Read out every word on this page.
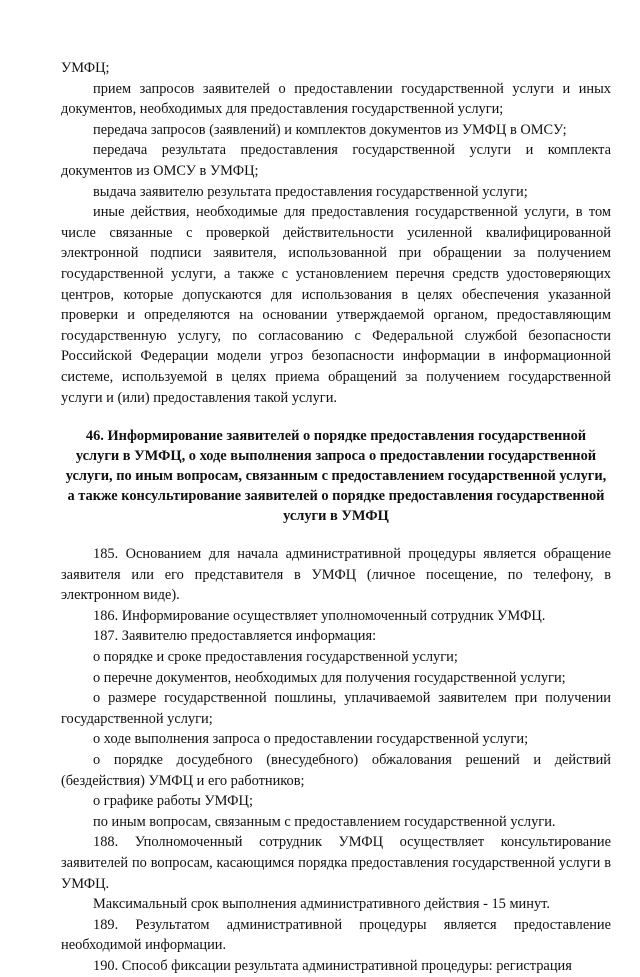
УМФЦ;
прием запросов заявителей о предоставлении государственной услуги и иных документов, необходимых для предоставления государственной услуги;
передача запросов (заявлений) и комплектов документов из УМФЦ в ОМСУ;
передача результата предоставления государственной услуги и комплекта документов из ОМСУ в УМФЦ;
выдача заявителю результата предоставления государственной услуги;
иные действия, необходимые для предоставления государственной услуги, в том числе связанные с проверкой действительности усиленной квалифицированной электронной подписи заявителя, использованной при обращении за получением государственной услуги, а также с установлением перечня средств удостоверяющих центров, которые допускаются для использования в целях обеспечения указанной проверки и определяются на основании утверждаемой органом, предоставляющим государственную услугу, по согласованию с Федеральной службой безопасности Российской Федерации модели угроз безопасности информации в информационной системе, используемой в целях приема обращений за получением государственной услуги и (или) предоставления такой услуги.
46. Информирование заявителей о порядке предоставления государственной услуги в УМФЦ, о ходе выполнения запроса о предоставлении государственной услуги, по иным вопросам, связанным с предоставлением государственной услуги, а также консультирование заявителей о порядке предоставления государственной услуги в УМФЦ
185. Основанием для начала административной процедуры является обращение заявителя или его представителя в УМФЦ (личное посещение, по телефону, в электронном виде).
186. Информирование осуществляет уполномоченный сотрудник УМФЦ.
187. Заявителю предоставляется информация:
о порядке и сроке предоставления государственной услуги;
о перечне документов, необходимых для получения государственной услуги;
о размере государственной пошлины, уплачиваемой заявителем при получении государственной услуги;
о ходе выполнения запроса о предоставлении государственной услуги;
о порядке досудебного (внесудебного) обжалования решений и действий (бездействия) УМФЦ и его работников;
о графике работы УМФЦ;
по иным вопросам, связанным с предоставлением государственной услуги.
188. Уполномоченный сотрудник УМФЦ осуществляет консультирование заявителей по вопросам, касающимся порядка предоставления государственной услуги в УМФЦ.
Максимальный срок выполнения административного действия - 15 минут.
189. Результатом административной процедуры является предоставление необходимой информации.
190. Способ фиксации результата административной процедуры: регистрация
